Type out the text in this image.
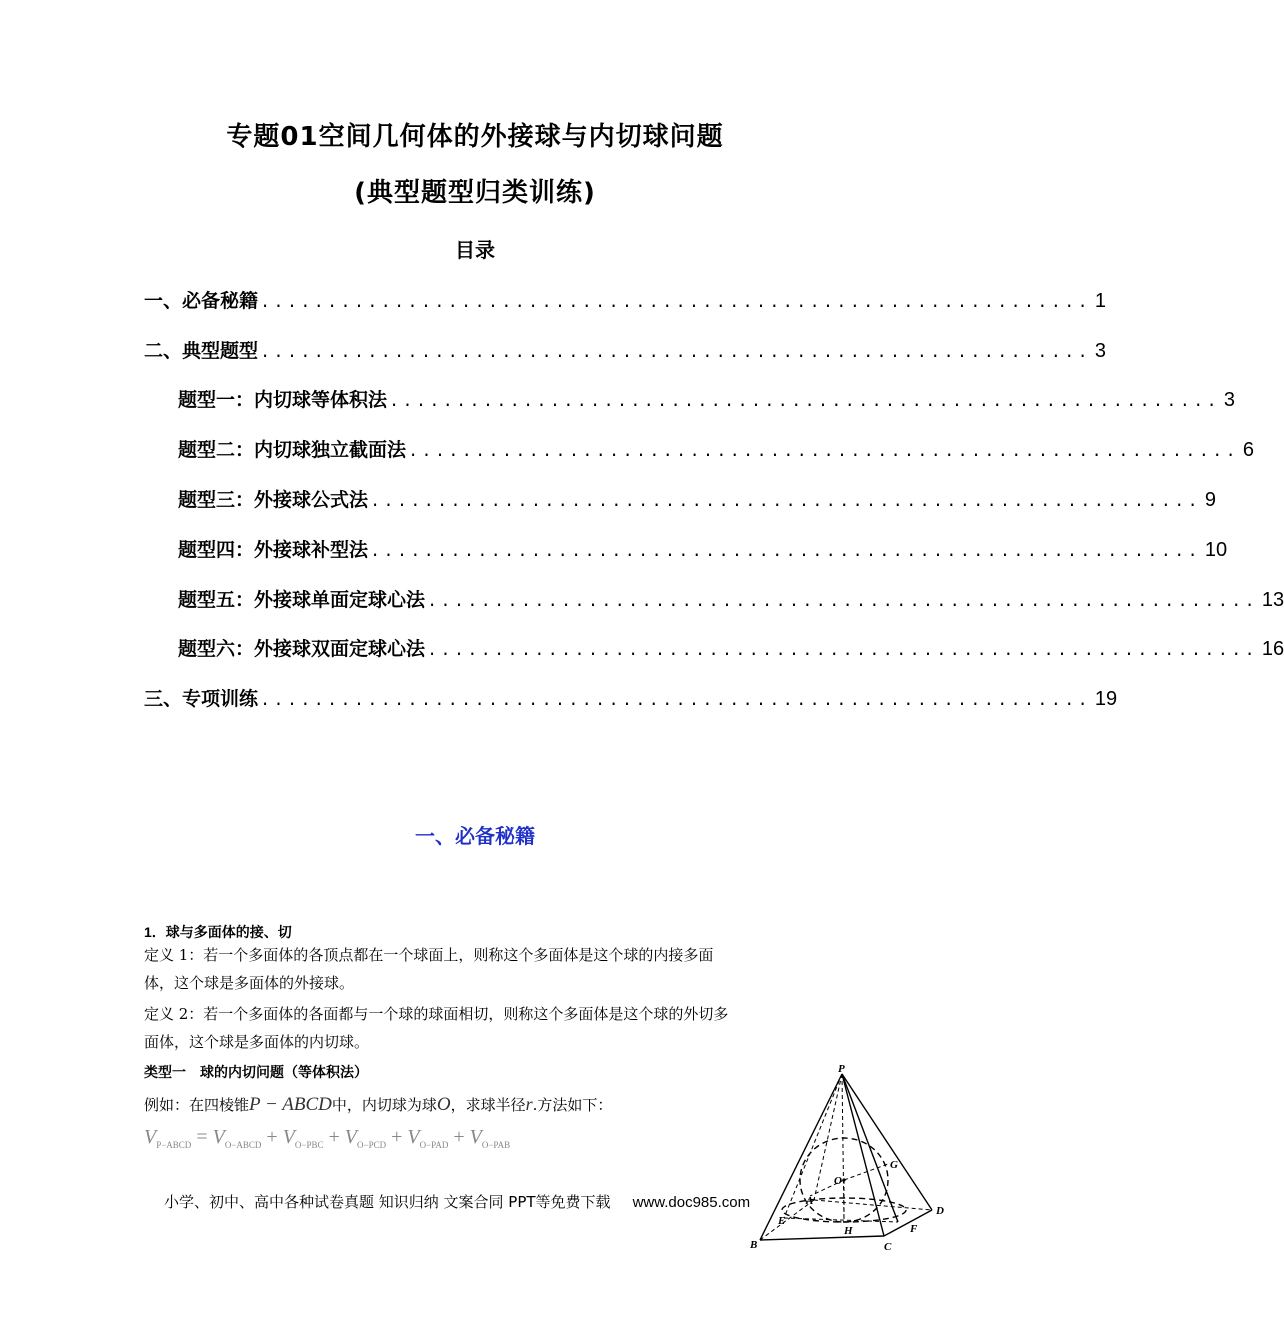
专题01空间几何体的外接球与内切球问题
(典型题型归类训练)
目录
一、必备秘籍 .............................................................. 1
二、典型题型 .............................................................. 3
题型一：内切球等体积法 .............................................................. 3
题型二：内切球独立截面法 .............................................................. 6
题型三：外接球公式法 .............................................................. 9
题型四：外接球补型法 .............................................................. 10
题型五：外接球单面定球心法 .............................................................. 13
题型六：外接球双面定球心法 .............................................................. 16
三、专项训练 .............................................................. 19
一、必备秘籍
1．球与多面体的接、切
定义 1：若一个多面体的各顶点都在一个球面上，则称这个多面体是这个球的内接多面
体，这个球是多面体的外接球。
定义 2：若一个多面体的各面都与一个球的球面相切，则称这个多面体是这个球的外切多
面体，这个球是多面体的内切球。
类型一　球的内切问题（等体积法）
例如：在四棱锥P − ABCD中，内切球为球O，求球半径r.方法如下：
$V_{P-ABCD} = V_{O-ABCD} + V_{O-PBC} + V_{O-PCD} + V_{O-PAD} + V_{O-PAB}$
P
G
O
A
E
H	F
D
B	C
小学、初中、高中各种试卷真题 知识归纳 文案合同 PPT等免费下载 www.doc985.com
